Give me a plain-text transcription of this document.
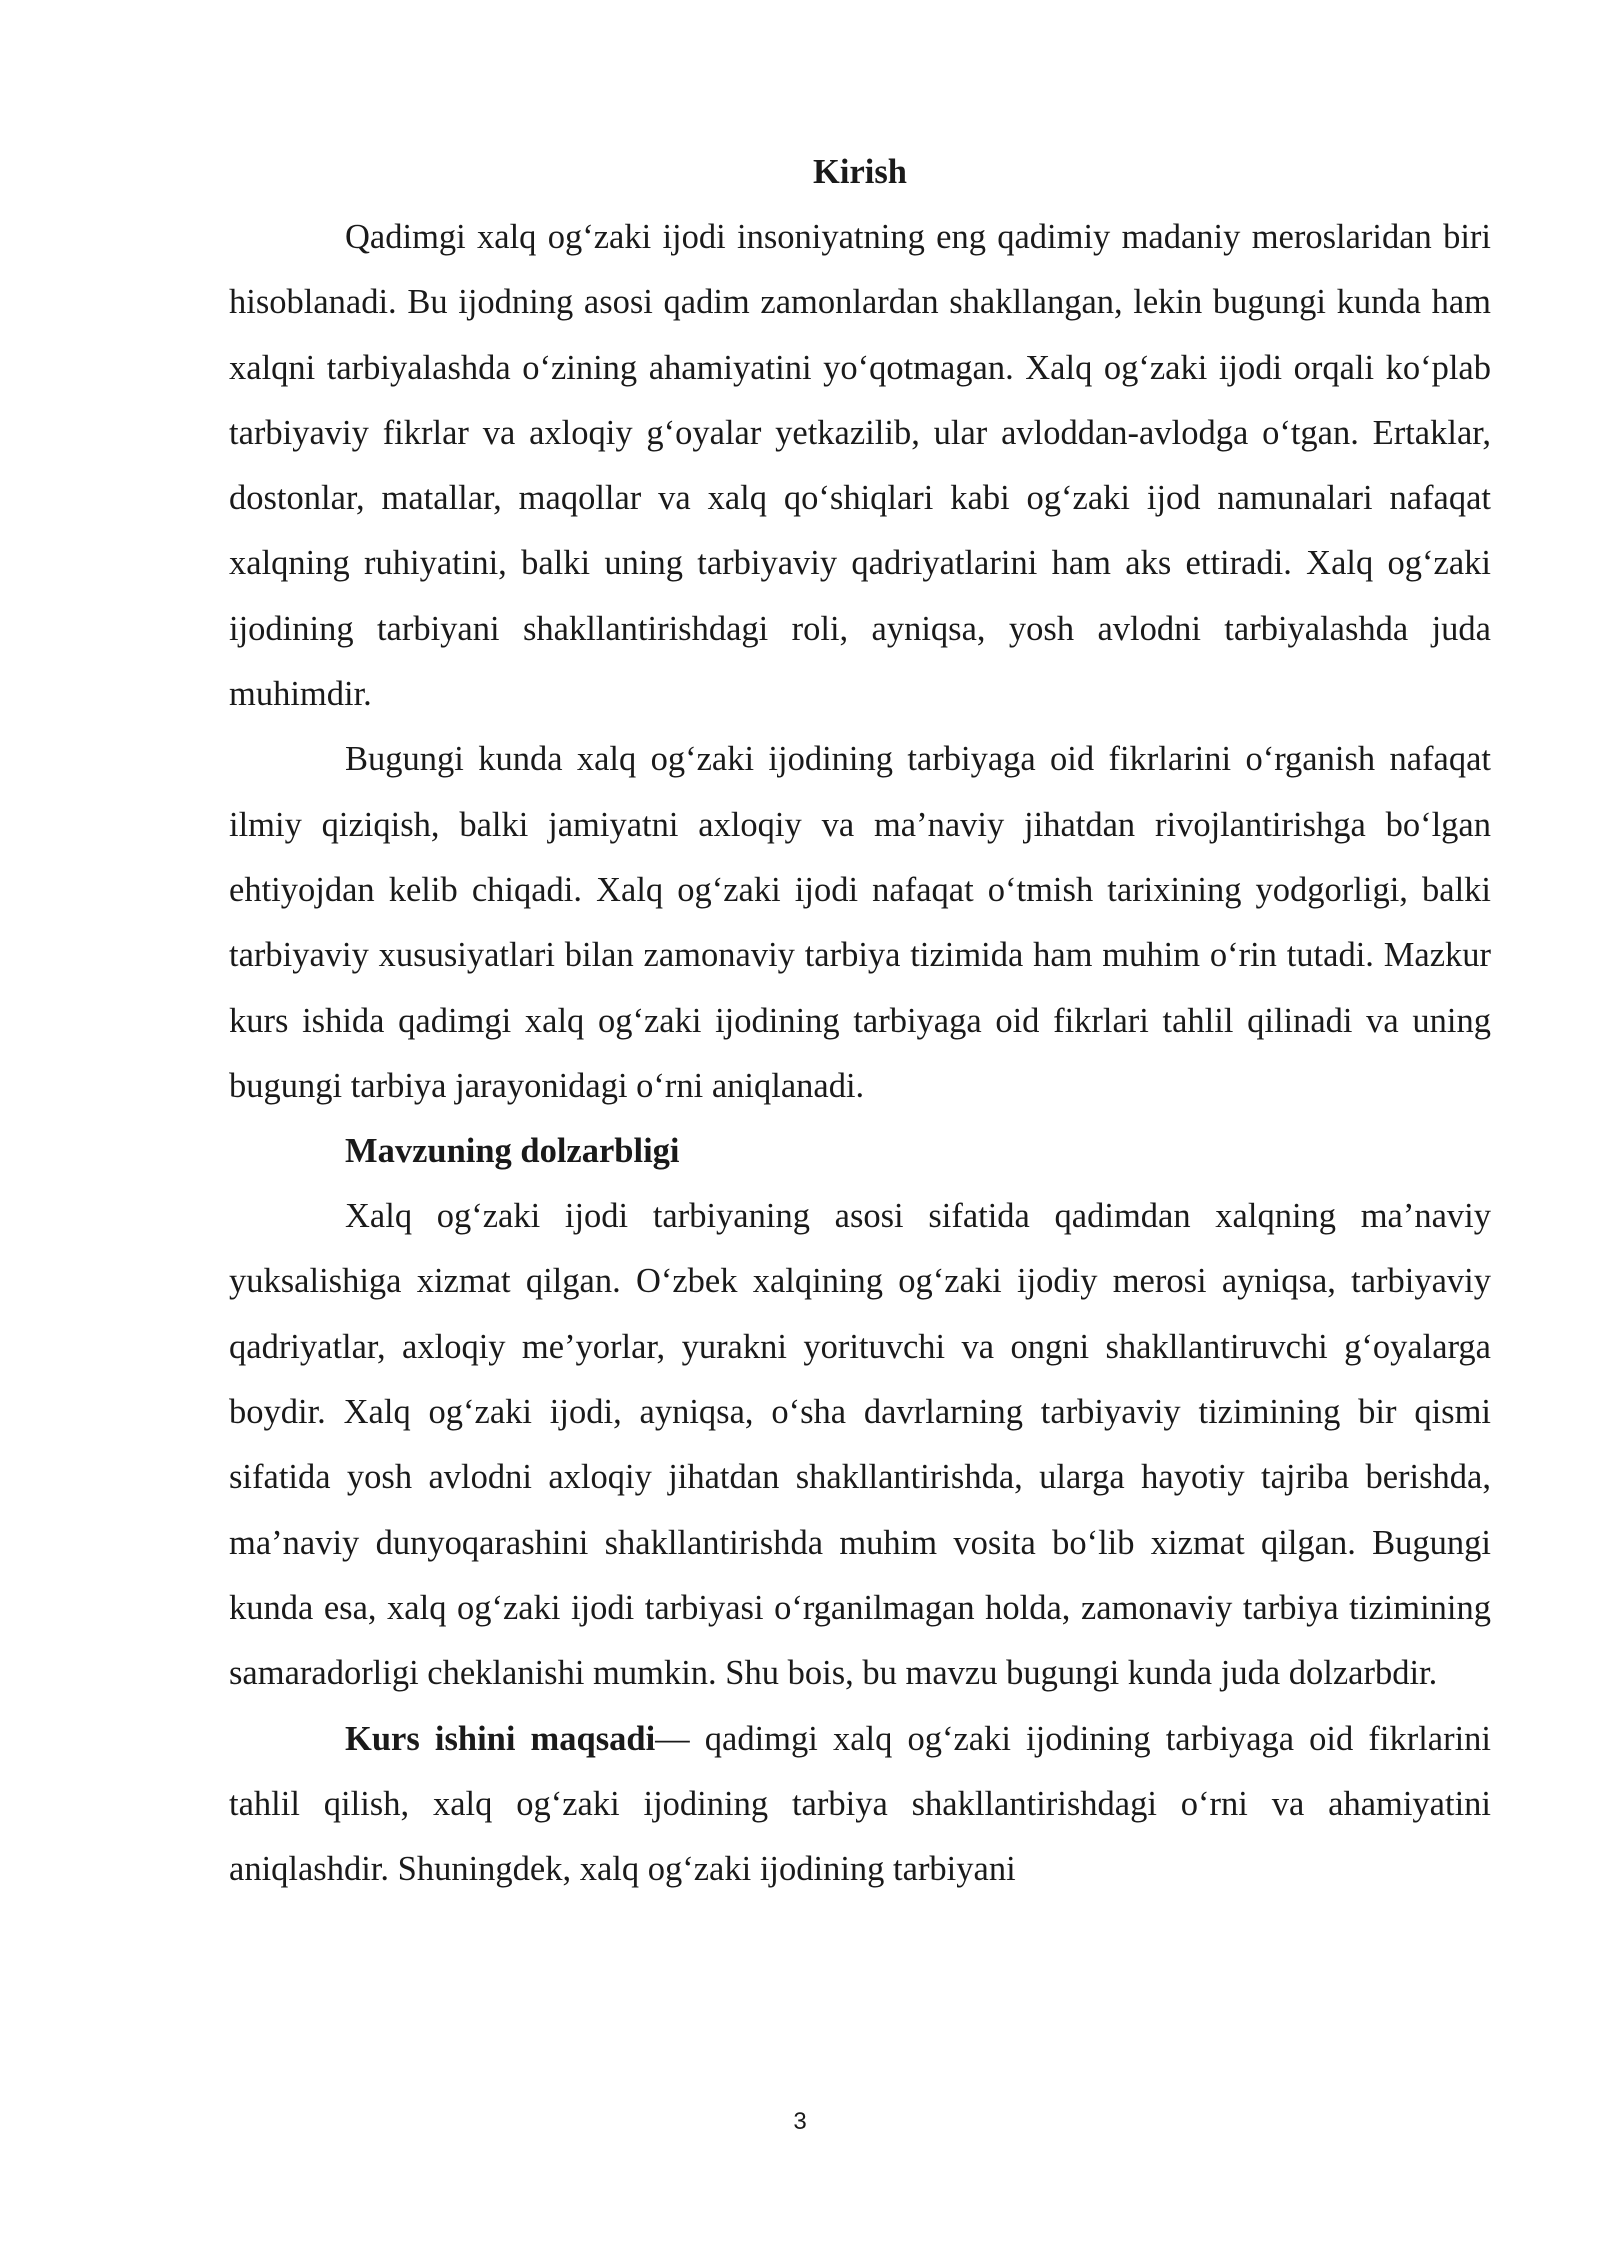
Kirish

Qadimgi xalq og‘zaki ijodi insoniyatning eng qadimiy madaniy meroslaridan biri hisoblanadi. Bu ijodning asosi qadim zamonlardan shakllangan, lekin bugungi kunda ham xalqni tarbiyalashda o‘zining ahamiyatini yo‘qotmagan. Xalq og‘zaki ijodi orqali ko‘plab tarbiyaviy fikrlar va axloqiy g‘oyalar yetkazilib, ular avloddan-avlodga o‘tgan. Ertaklar, dostonlar, matallar, maqollar va xalq qo‘shiqlari kabi og‘zaki ijod namunalari nafaqat xalqning ruhiyatini, balki uning tarbiyaviy qadriyatlarini ham aks ettiradi. Xalq og‘zaki ijodining tarbiyani shakllantirishdagi roli, ayniqsa, yosh avlodni tarbiyalashda juda muhimdir.

Bugungi kunda xalq og‘zaki ijodining tarbiyaga oid fikrlarini o‘rganish nafaqat ilmiy qiziqish, balki jamiyatni axloqiy va ma’naviy jihatdan rivojlantirishga bo‘lgan ehtiyojdan kelib chiqadi. Xalq og‘zaki ijodi nafaqat o‘tmish tarixining yodgorligi, balki tarbiyaviy xususiyatlari bilan zamonaviy tarbiya tizimida ham muhim o‘rin tutadi. Mazkur kurs ishida qadimgi xalq og‘zaki ijodining tarbiyaga oid fikrlari tahlil qilinadi va uning bugungi tarbiya jarayonidagi o‘rni aniqlanadi.

Mavzuning dolzarbligi

Xalq og‘zaki ijodi tarbiyaning asosi sifatida qadimdan xalqning ma’naviy yuksalishiga xizmat qilgan. O‘zbek xalqining og‘zaki ijodiy merosi ayniqsa, tarbiyaviy qadriyatlar, axloqiy me’yorlar, yurakni yorituvchi va ongni shakllantiruvchi g‘oyalarga boydir. Xalq og‘zaki ijodi, ayniqsa, o‘sha davrlarning tarbiyaviy tizimining bir qismi sifatida yosh avlodni axloqiy jihatdan shakllantirishda, ularga hayotiy tajriba berishda, ma’naviy dunyoqarashini shakllantirishda muhim vosita bo‘lib xizmat qilgan. Bugungi kunda esa, xalq og‘zaki ijodi tarbiyasi o‘rganilmagan holda, zamonaviy tarbiya tizimining samaradorligi cheklanishi mumkin. Shu bois, bu mavzu bugungi kunda juda dolzarbdir.

Kurs ishini maqsadi— qadimgi xalq og‘zaki ijodining tarbiyaga oid fikrlarini tahlil qilish, xalq og‘zaki ijodining tarbiya shakllantirishdagi o‘rni va ahamiyatini aniqlashdir. Shuningdek, xalq og‘zaki ijodining tarbiyani

3
